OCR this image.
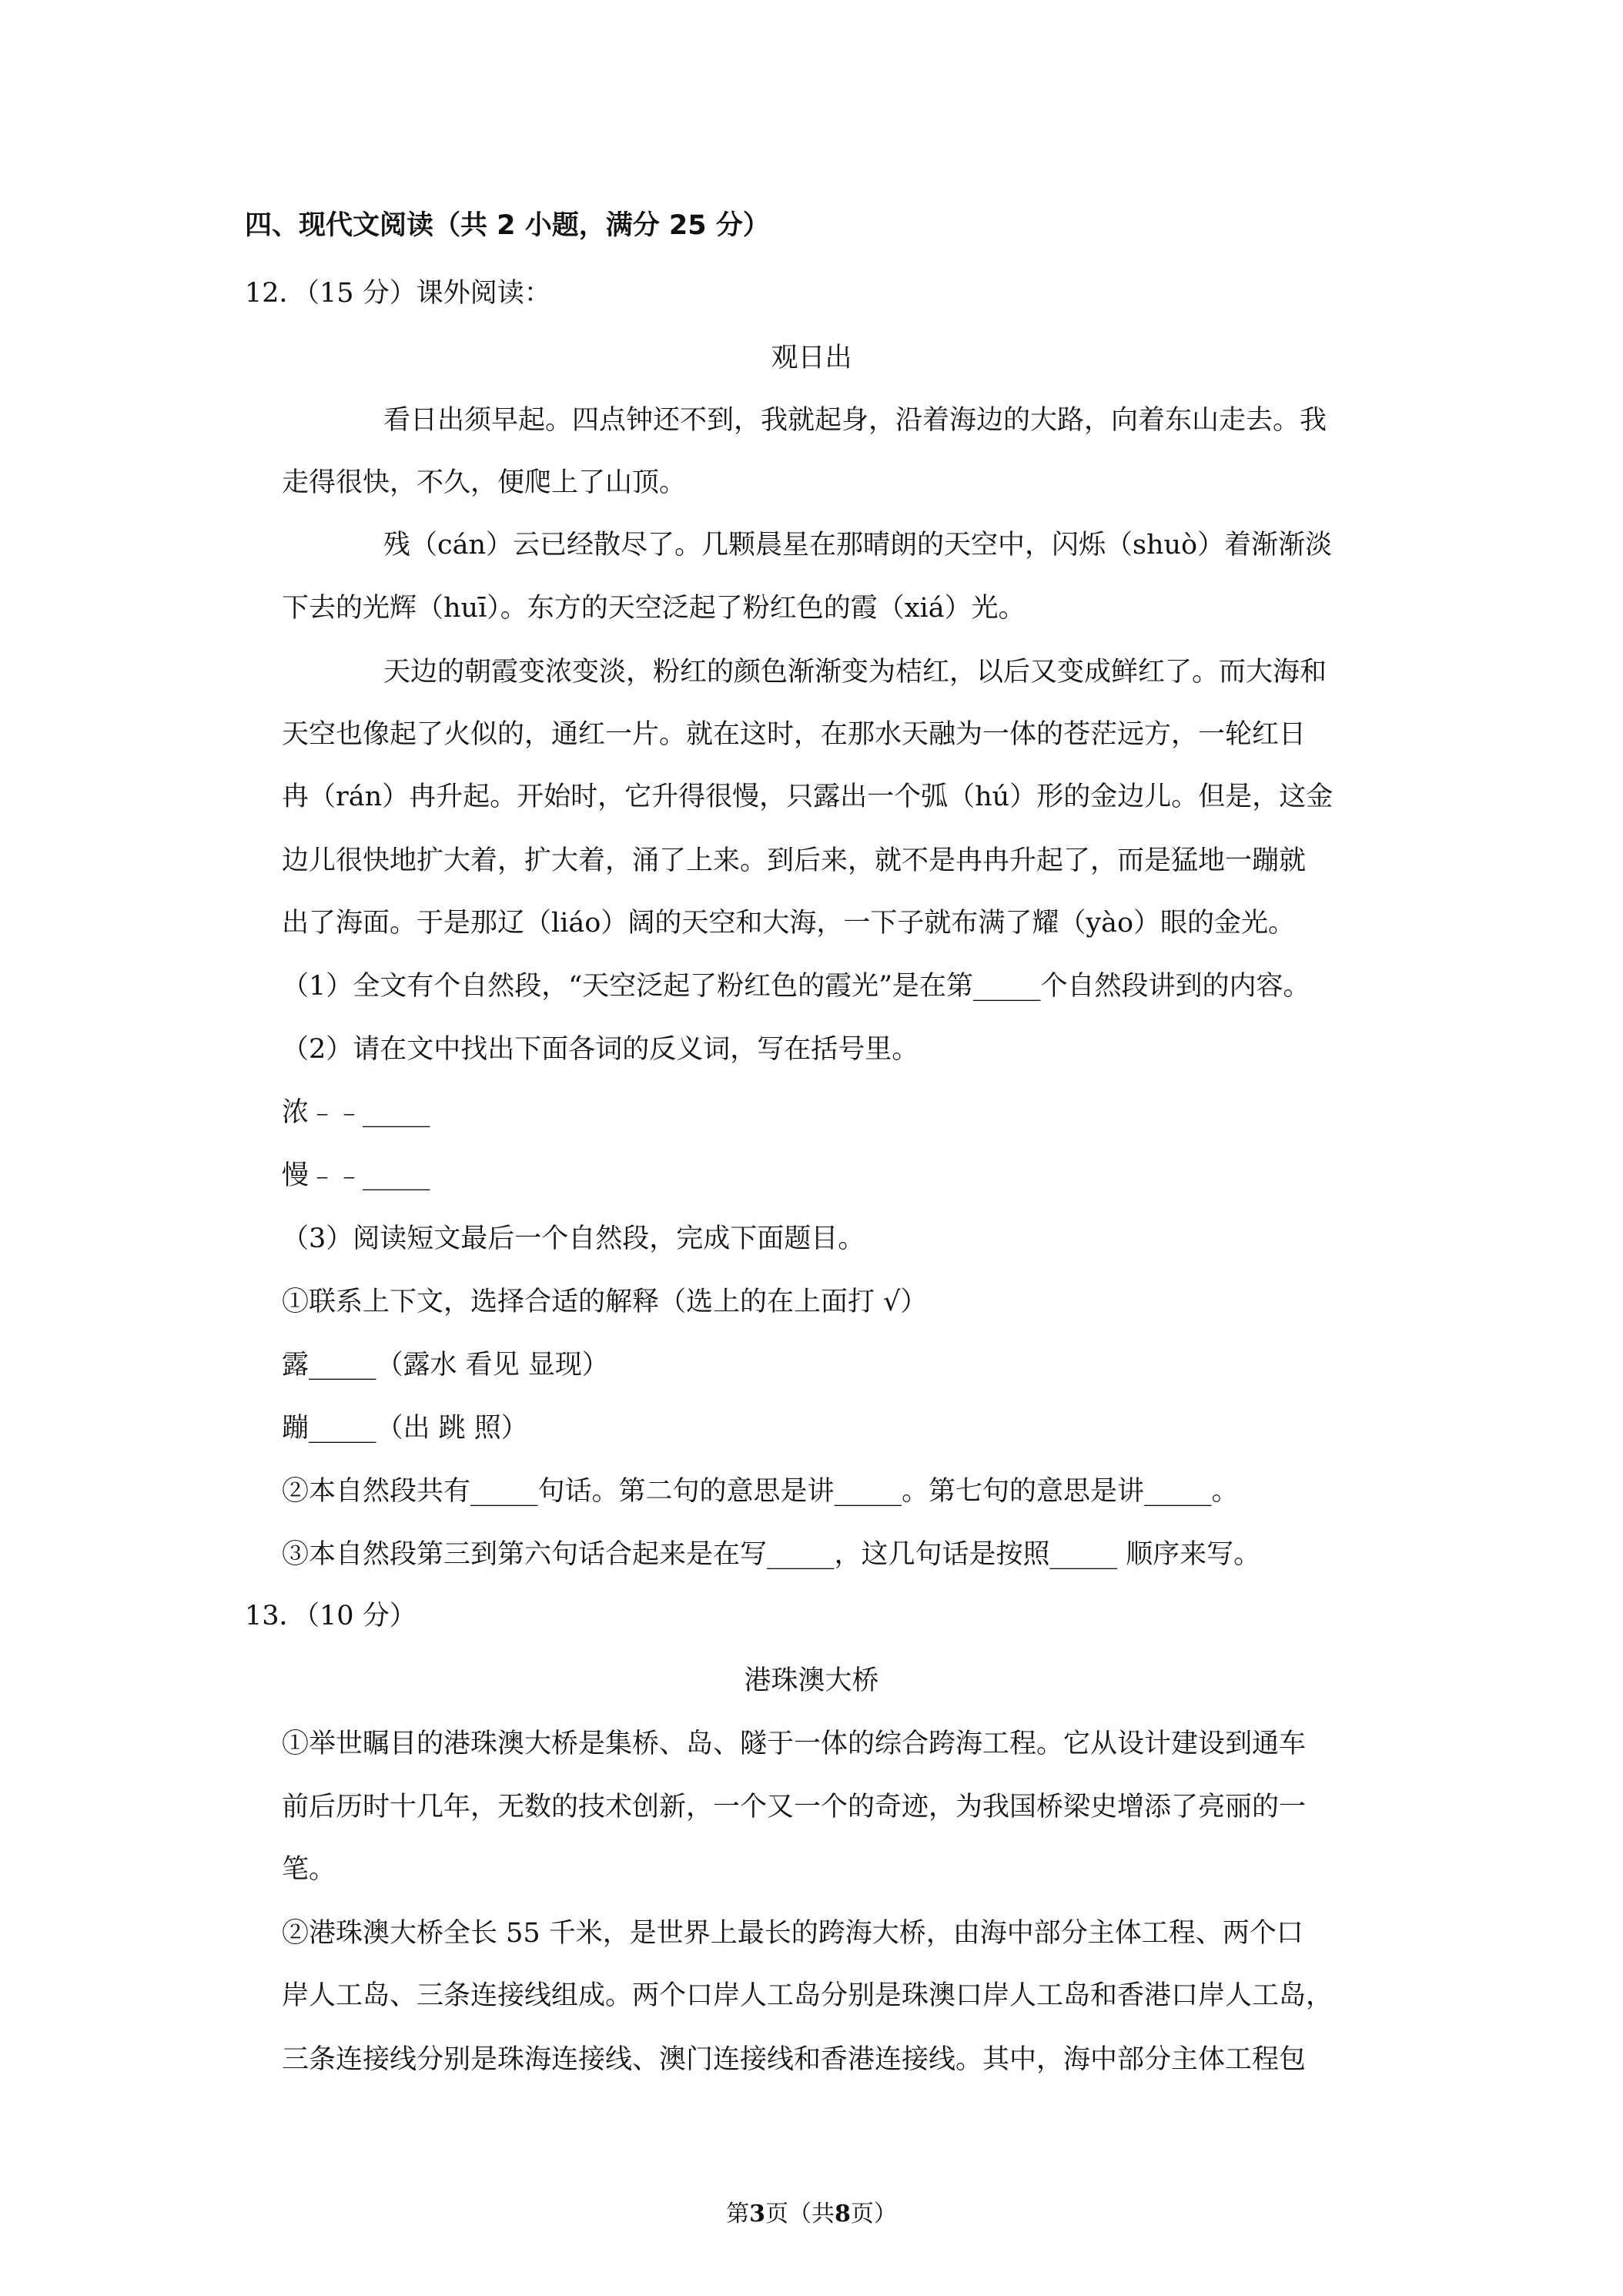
四、现代文阅读（共 2 小题，满分 25 分）
12．（15 分）课外阅读：
观日出
看日出须早起。四点钟还不到，我就起身，沿着海边的大路，向着东山走去。我
走得很快，不久，便爬上了山顶。
残（cán）云已经散尽了。几颗晨星在那晴朗的天空中，闪烁（shuò）着渐渐淡
下去的光辉（huī）。东方的天空泛起了粉红色的霞（xiá）光。
天边的朝霞变浓变淡，粉红的颜色渐渐变为桔红，以后又变成鲜红了。而大海和
天空也像起了火似的，通红一片。就在这时，在那水天融为一体的苍茫远方，一轮红日
冉（rán）冉升起。开始时，它升得很慢，只露出一个弧（hú）形的金边儿。但是，这金
边儿很快地扩大着，扩大着，涌了上来。到后来，就不是冉冉升起了，而是猛地一蹦就
出了海面。于是那辽（liáo）阔的天空和大海，一下子就布满了耀（yào）眼的金光。
（1）全文有个自然段，“天空泛起了粉红色的霞光”是在第_____个自然段讲到的内容。
（2）请在文中找出下面各词的反义词，写在括号里。
浓﹣﹣_____
慢﹣﹣_____
（3）阅读短文最后一个自然段，完成下面题目。
①联系上下文，选择合适的解释（选上的在上面打 √）
露_____（露水 看见 显现）
蹦_____（出 跳 照）
②本自然段共有_____句话。第二句的意思是讲_____。第七句的意思是讲_____。
③本自然段第三到第六句话合起来是在写_____，这几句话是按照_____ 顺序来写。
13．（10 分）
港珠澳大桥
①举世瞩目的港珠澳大桥是集桥、岛、隧于一体的综合跨海工程。它从设计建设到通车
前后历时十几年，无数的技术创新，一个又一个的奇迹，为我国桥梁史增添了亮丽的一
笔。
②港珠澳大桥全长 55 千米，是世界上最长的跨海大桥，由海中部分主体工程、两个口
岸人工岛、三条连接线组成。两个口岸人工岛分别是珠澳口岸人工岛和香港口岸人工岛，
三条连接线分别是珠海连接线、澳门连接线和香港连接线。其中，海中部分主体工程包
第3页（共8页）
